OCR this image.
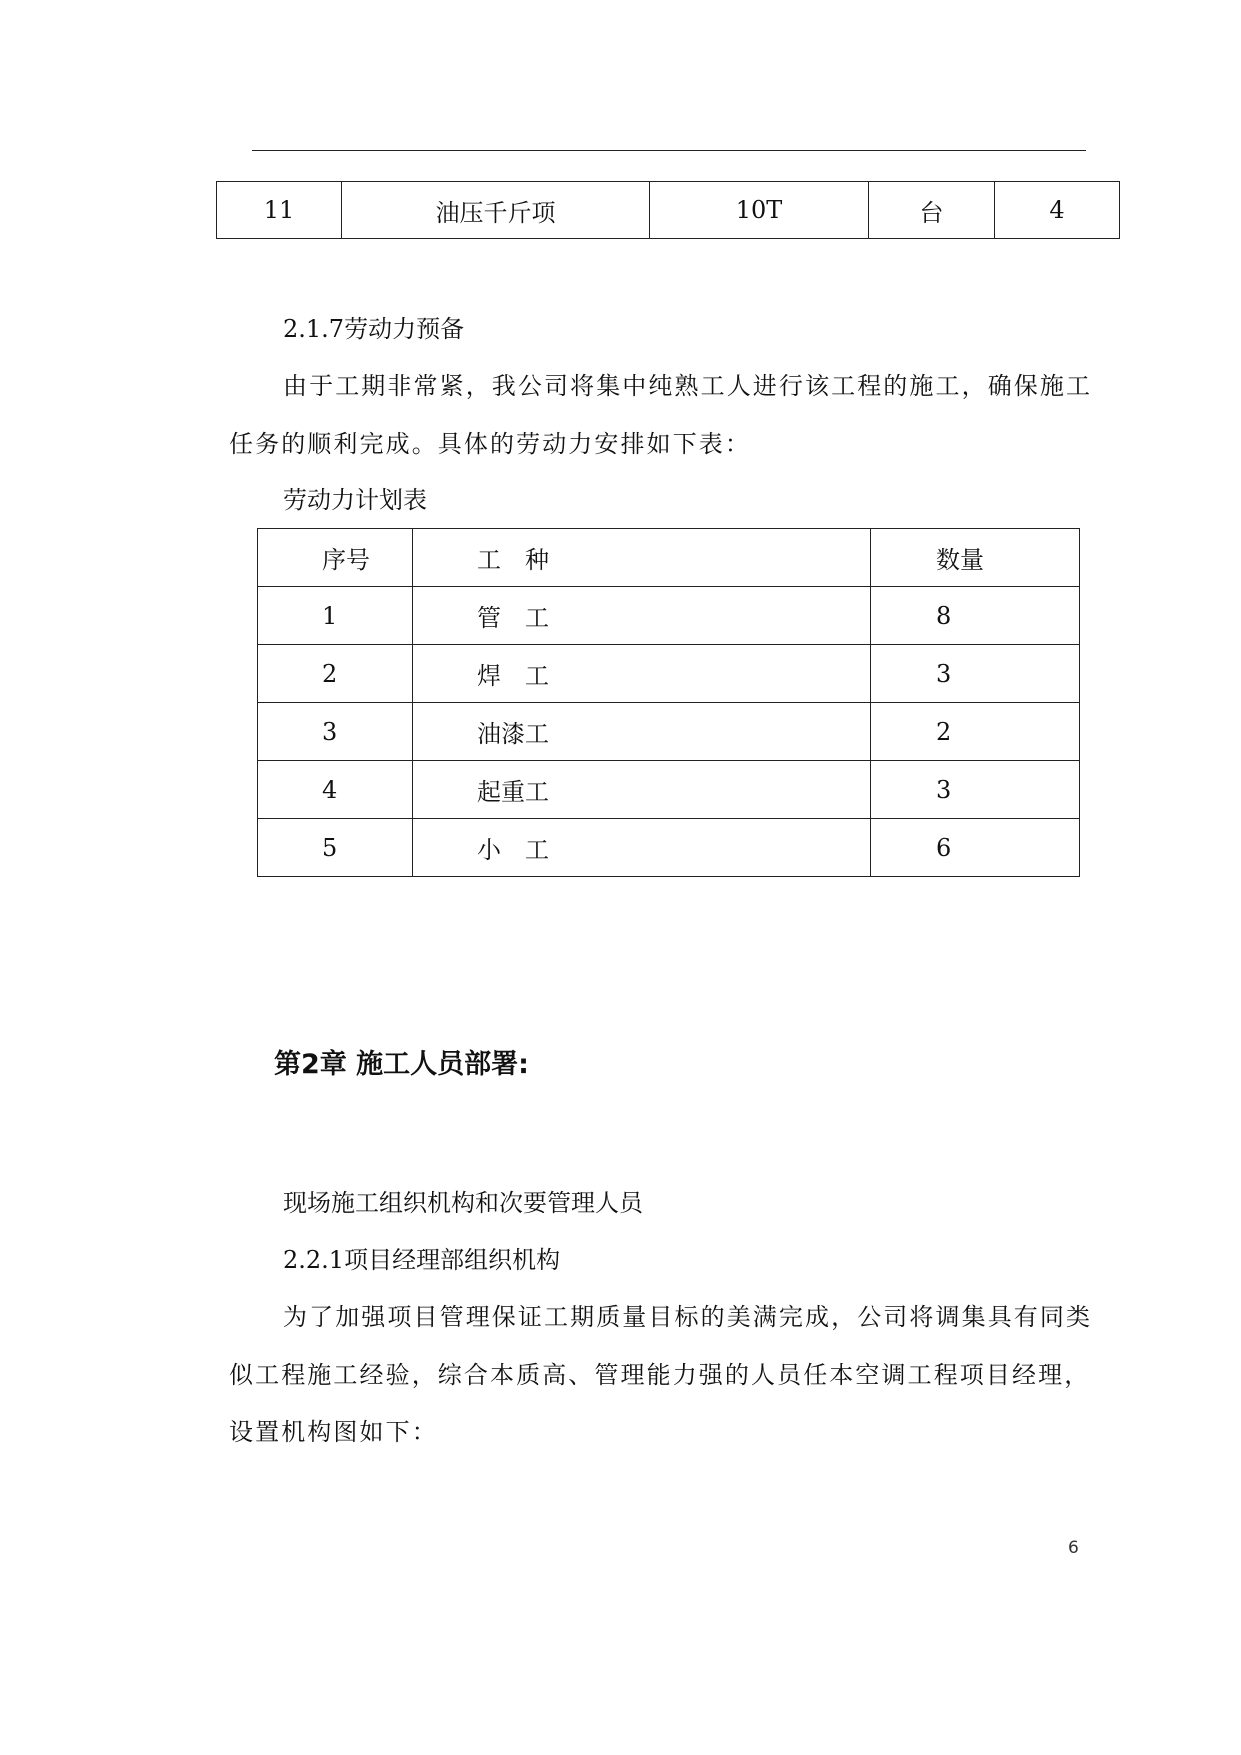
11	油压千斤项	10T	台	4
2.1.7劳动力预备

由于工期非常紧，我公司将集中纯熟工人进行该工程的施工，确保施工任务的顺利完成。具体的劳动力安排如下表：

劳动力计划表
序号	工　种	数量
1	管　工	8
2	焊　工	3
3	油漆工	2
4	起重工	3
5	小　工	6
第2章 施工人员部署:
现场施工组织机构和次要管理人员
2.2.1项目经理部组织机构

为了加强项目管理保证工期质量目标的美满完成，公司将调集具有同类似工程施工经验，综合本质高、管理能力强的人员任本空调工程项目经理，设置机构图如下：

6
